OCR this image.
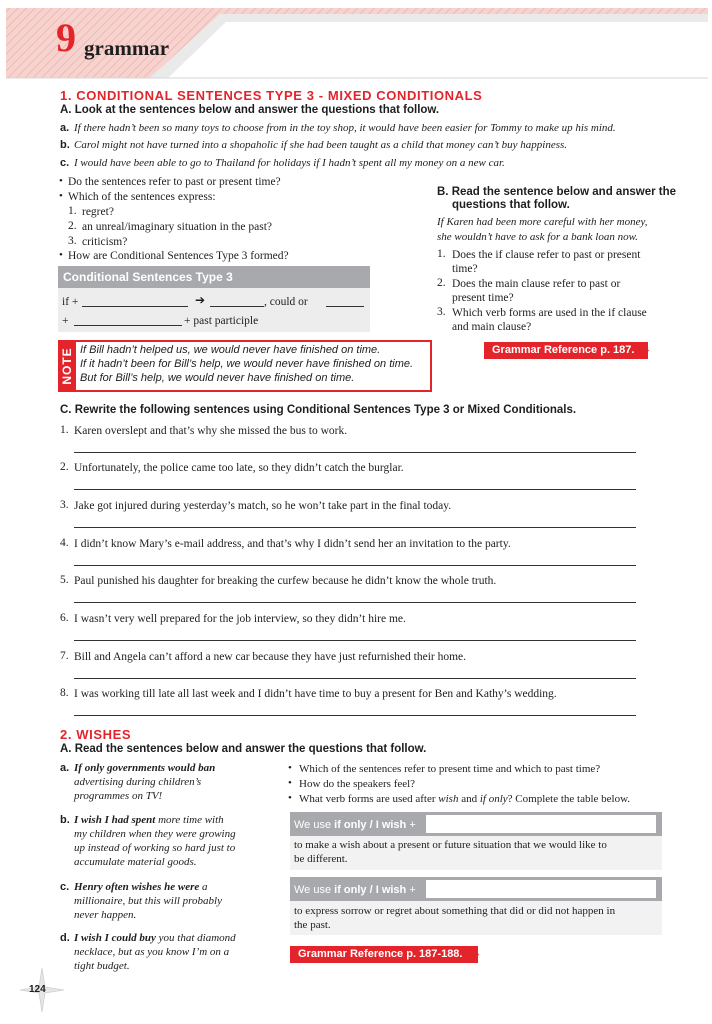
9 grammar
1. CONDITIONAL SENTENCES TYPE 3 - MIXED CONDITIONALS
A. Look at the sentences below and answer the questions that follow.
a. If there hadn’t been so many toys to choose from in the toy shop, it would have been easier for Tommy to make up his mind.
b. Carol might not have turned into a shopaholic if she had been taught as a child that money can’t buy happiness.
c. I would have been able to go to Thailand for holidays if I hadn’t spent all my money on a new car.
• Do the sentences refer to past or present time?
• Which of the sentences express:
1. regret?
2. an unreal/imaginary situation in the past?
3. criticism?
• How are Conditional Sentences Type 3 formed?
Conditional Sentences Type 3
if +	➔	, could or
+	+ past participle
NOTE If Bill hadn’t helped us, we would never have finished on time.
If it hadn’t been for Bill’s help, we would never have finished on time.
But for Bill’s help, we would never have finished on time.
B. Read the sentence below and answer the
questions that follow.
If Karen had been more careful with her money,
she wouldn’t have to ask for a bank loan now.
1. Does the if clause refer to past or present
time?
2. Does the main clause refer to past or
present time?
3. Which verb forms are used in the if clause
and main clause?
Grammar Reference p. 187.
C. Rewrite the following sentences using Conditional Sentences Type 3 or Mixed Conditionals.
1. Karen overslept and that’s why she missed the bus to work.
2. Unfortunately, the police came too late, so they didn’t catch the burglar.
3. Jake got injured during yesterday’s match, so he won’t take part in the final today.
4. I didn’t know Mary’s e-mail address, and that’s why I didn’t send her an invitation to the party.
5. Paul punished his daughter for breaking the curfew because he didn’t know the whole truth.
6. I wasn’t very well prepared for the job interview, so they didn’t hire me.
7. Bill and Angela can’t afford a new car because they have just refurnished their home.
8. I was working till late all last week and I didn’t have time to buy a present for Ben and Kathy’s wedding.
2. WISHES
A. Read the sentences below and answer the questions that follow.
a. If only governments would ban
advertising during children’s
programmes on TV!
b. I wish I had spent more time with
my children when they were growing
up instead of working so hard just to
accumulate material goods.
c. Henry often wishes he were a
millionaire, but this will probably
never happen.
d. I wish I could buy you that diamond
necklace, but as you know I’m on a
tight budget.
• Which of the sentences refer to present time and which to past time?
• How do the speakers feel?
• What verb forms are used after wish and if only? Complete the table below.
We use if only / I wish +
to make a wish about a present or future situation that we would like to
be different.
We use if only / I wish +
to express sorrow or regret about something that did or did not happen in
the past.
Grammar Reference p. 187-188.
124
